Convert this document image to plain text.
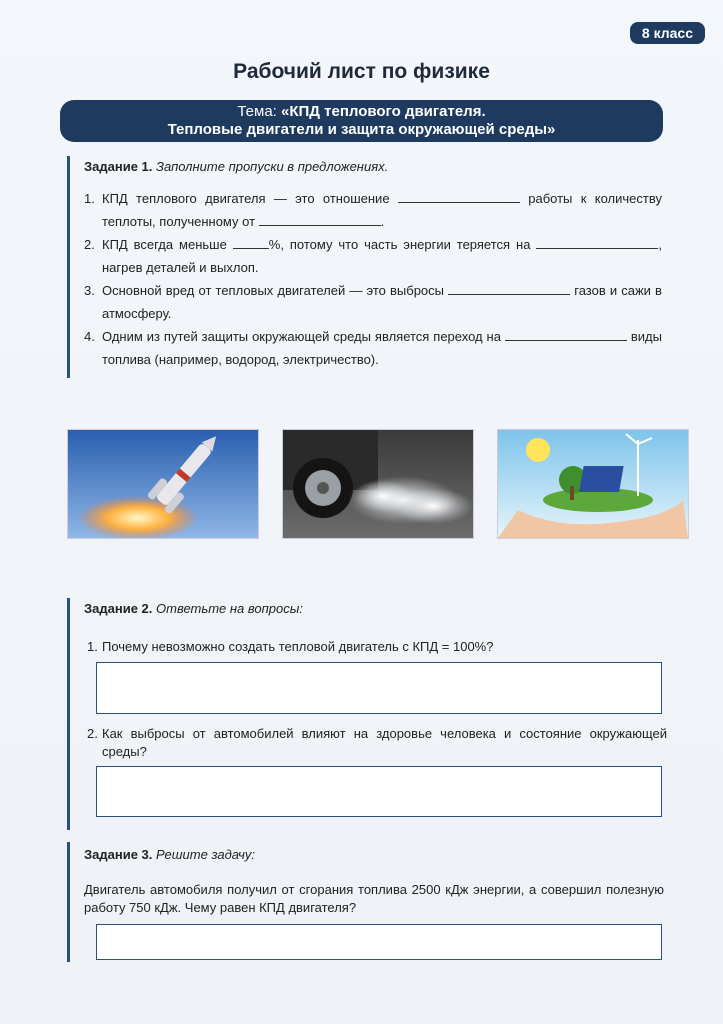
8 класс
Рабочий лист по физике
Тема: «КПД теплового двигателя.
Тепловые двигатели и защита окружающей среды»
Задание 1. Заполните пропуски в предложениях.
1. КПД теплового двигателя — это отношение	работы к количеству теплоты, полученному от	.
2. КПД всегда меньше	%, потому что часть энергии теряется на	, нагрев деталей и выхлоп.
3. Основной вред от тепловых двигателей — это выбросы	газов и сажи в атмосферу.
4. Одним из путей защиты окружающей среды является переход на	виды топлива (например, водород, электричество).
Задание 2. Ответьте на вопросы:
1. Почему невозможно создать тепловой двигатель с КПД = 100%?
2. Как выбросы от автомобилей влияют на здоровье человека и состояние окружающей среды?
Задание 3. Решите задачу:
Двигатель автомобиля получил от сгорания топлива 2500 кДж энергии, а совершил полезную работу 750 кДж. Чему равен КПД двигателя?
